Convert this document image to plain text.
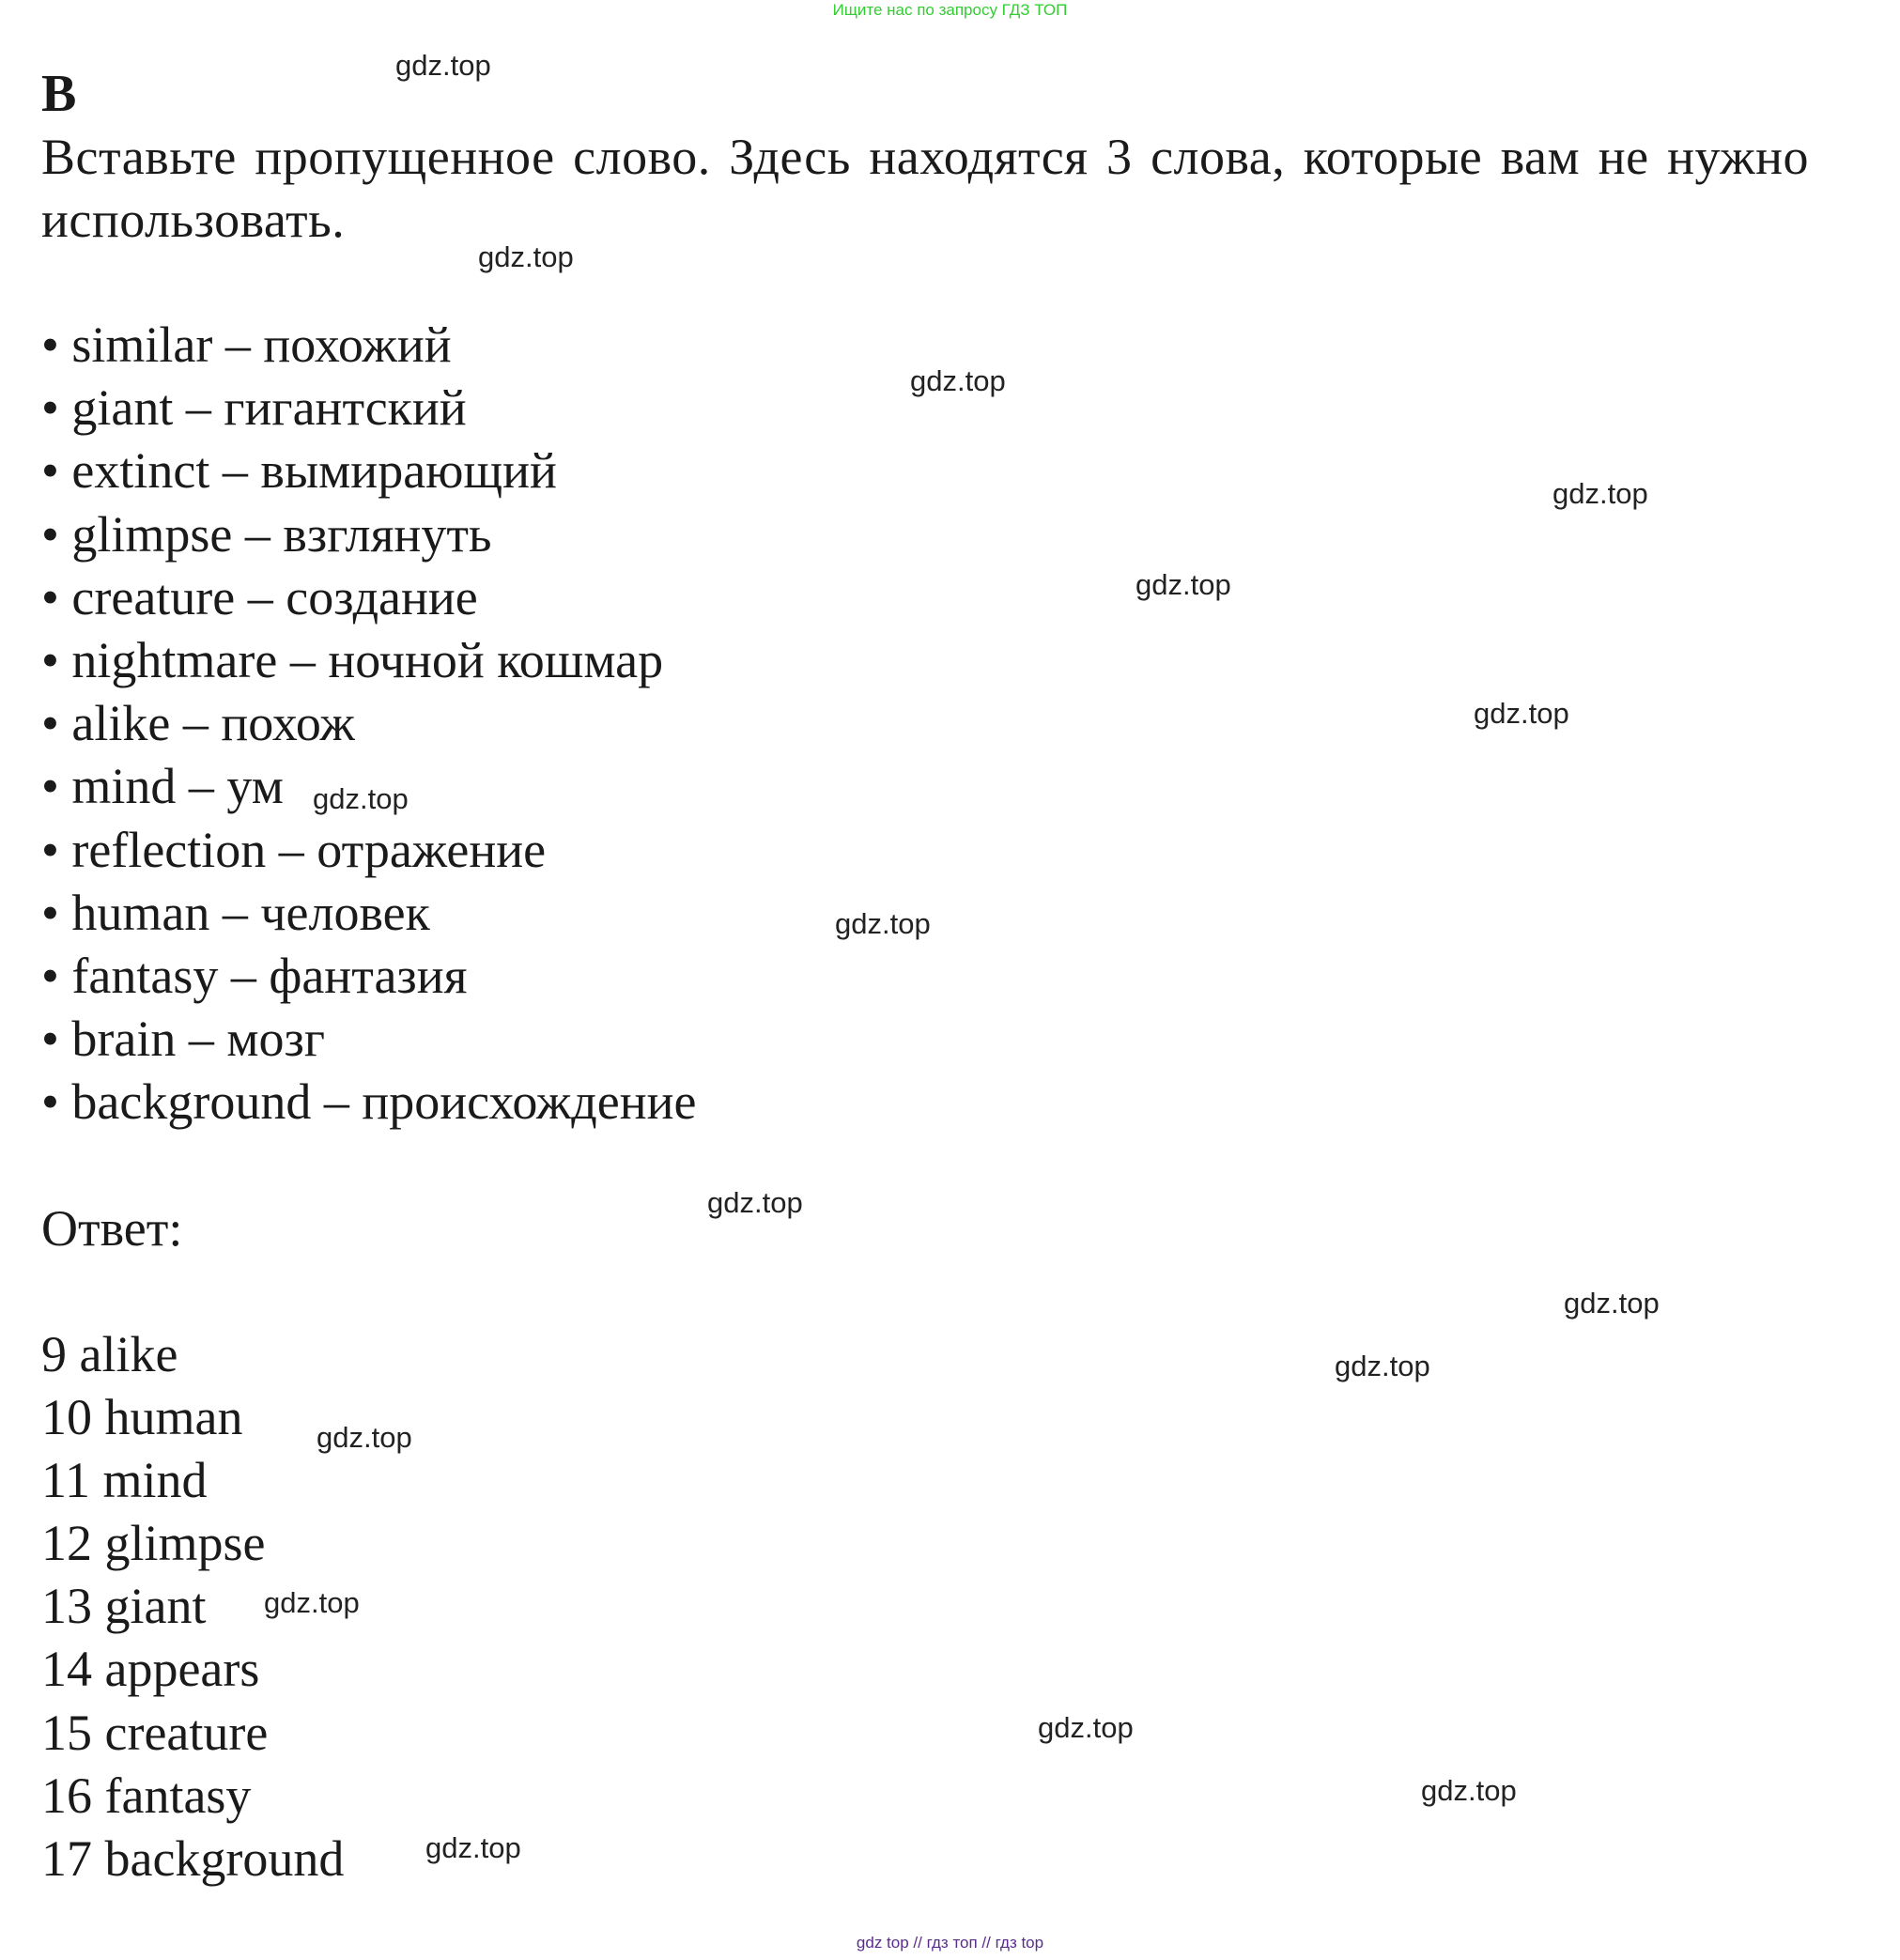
Ищите нас по запросу ГДЗ ТОП
B
Вставьте пропущенное слово. Здесь находятся 3 слова, которые вам не нужно использовать.
• similar – похожий
• giant – гигантский
• extinct – вымирающий
• glimpse – взглянуть
• creature – создание
• nightmare – ночной кошмар
• alike – похож
• mind – ум
• reflection – отражение
• human – человек
• fantasy – фантазия
• brain – мозг
• background – происхождение
Ответ:
9 alike
10 human
11 mind
12 glimpse
13 giant
14 appears
15 creature
16 fantasy
17 background
gdz.top
gdz.top
gdz.top
gdz.top
gdz.top
gdz.top
gdz.top
gdz.top
gdz.top
gdz.top
gdz.top
gdz.top
gdz.top
gdz.top
gdz.top
gdz.top
gdz top // гдз топ // гдз top
